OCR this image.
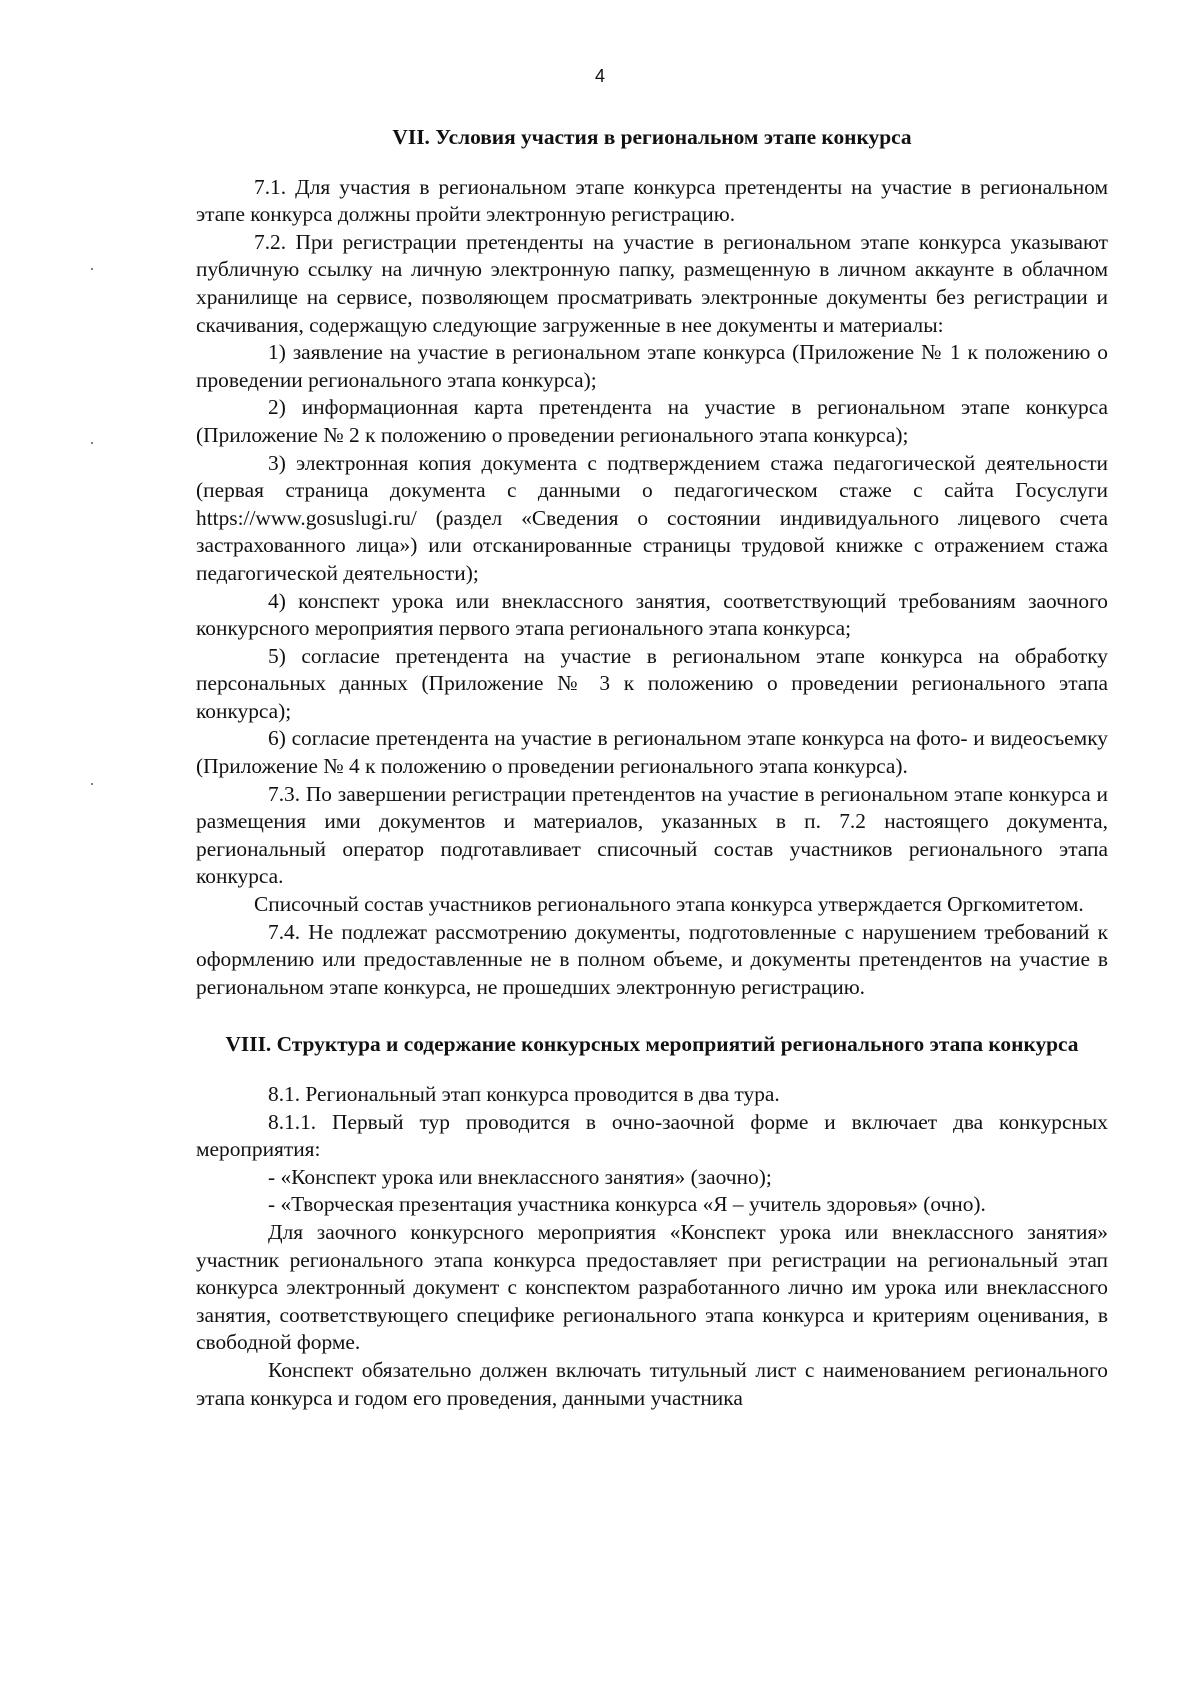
4
VII. Условия участия в региональном этапе конкурса

7.1. Для участия в региональном этапе конкурса претенденты на участие в региональном этапе конкурса должны пройти электронную регистрацию.

7.2. При регистрации претенденты на участие в региональном этапе конкурса указывают публичную ссылку на личную электронную папку, размещенную в личном аккаунте в облачном хранилище на сервисе, позволяющем просматривать электронные документы без регистрации и скачивания, содержащую следующие загруженные в нее документы и материалы:

1) заявление на участие в региональном этапе конкурса (Приложение № 1 к положению о проведении регионального этапа конкурса);

2) информационная карта претендента на участие в региональном этапе конкурса (Приложение № 2 к положению о проведении регионального этапа конкурса);

3) электронная копия документа с подтверждением стажа педагогической деятельности (первая страница документа с данными о педагогическом стаже с сайта Госуслуги https://www.gosuslugi.ru/ (раздел «Сведения о состоянии индивидуального лицевого счета застрахованного лица») или отсканированные страницы трудовой книжке с отражением стажа педагогической деятельности);

4) конспект урока или внеклассного занятия, соответствующий требованиям заочного конкурсного мероприятия первого этапа регионального этапа конкурса;

5) согласие претендента на участие в региональном этапе конкурса на обработку персональных данных (Приложение № 3 к положению о проведении регионального этапа конкурса);

6) согласие претендента на участие в региональном этапе конкурса на фото- и видеосъемку (Приложение № 4 к положению о проведении регионального этапа конкурса).

7.3. По завершении регистрации претендентов на участие в региональном этапе конкурса и размещения ими документов и материалов, указанных в п. 7.2 настоящего документа, региональный оператор подготавливает списочный состав участников регионального этапа конкурса.

Списочный состав участников регионального этапа конкурса утверждается Оргкомитетом.

7.4. Не подлежат рассмотрению документы, подготовленные с нарушением требований к оформлению или предоставленные не в полном объеме, и документы претендентов на участие в региональном этапе конкурса, не прошедших электронную регистрацию.

VIII. Структура и содержание конкурсных мероприятий регионального этапа конкурса

8.1. Региональный этап конкурса проводится в два тура.

8.1.1. Первый тур проводится в очно-заочной форме и включает два конкурсных мероприятия:

- «Конспект урока или внеклассного занятия» (заочно);

- «Творческая презентация участника конкурса «Я – учитель здоровья» (очно).

Для заочного конкурсного мероприятия «Конспект урока или внеклассного занятия» участник регионального этапа конкурса предоставляет при регистрации на региональный этап конкурса электронный документ с конспектом разработанного лично им урока или внеклассного занятия, соответствующего специфике регионального этапа конкурса и критериям оценивания, в свободной форме.

Конспект обязательно должен включать титульный лист с наименованием регионального этапа конкурса и годом его проведения, данными участника
